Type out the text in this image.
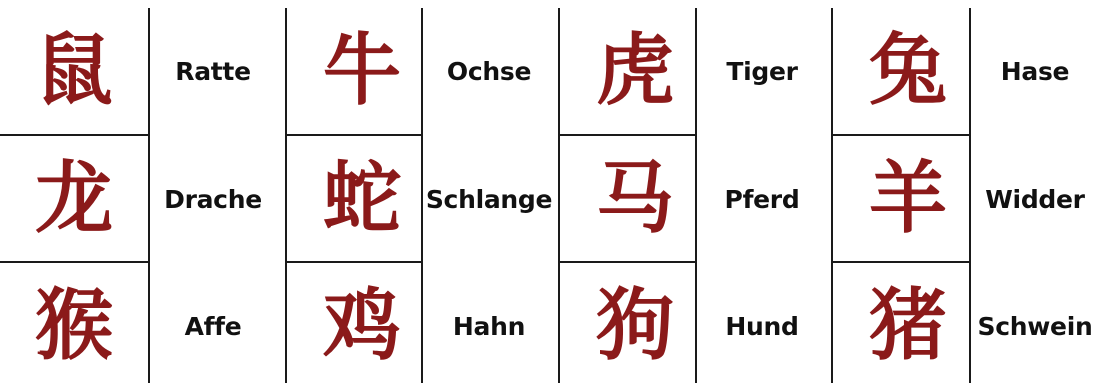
鼠 Ratte 牛 Ochse 虎 Tiger 兔 Hase
龙 Drache 蛇 Schlange 马 Pferd 羊 Widder
猴	Affe 鸡 Hahn 狗 Hund 猪 Schwein
